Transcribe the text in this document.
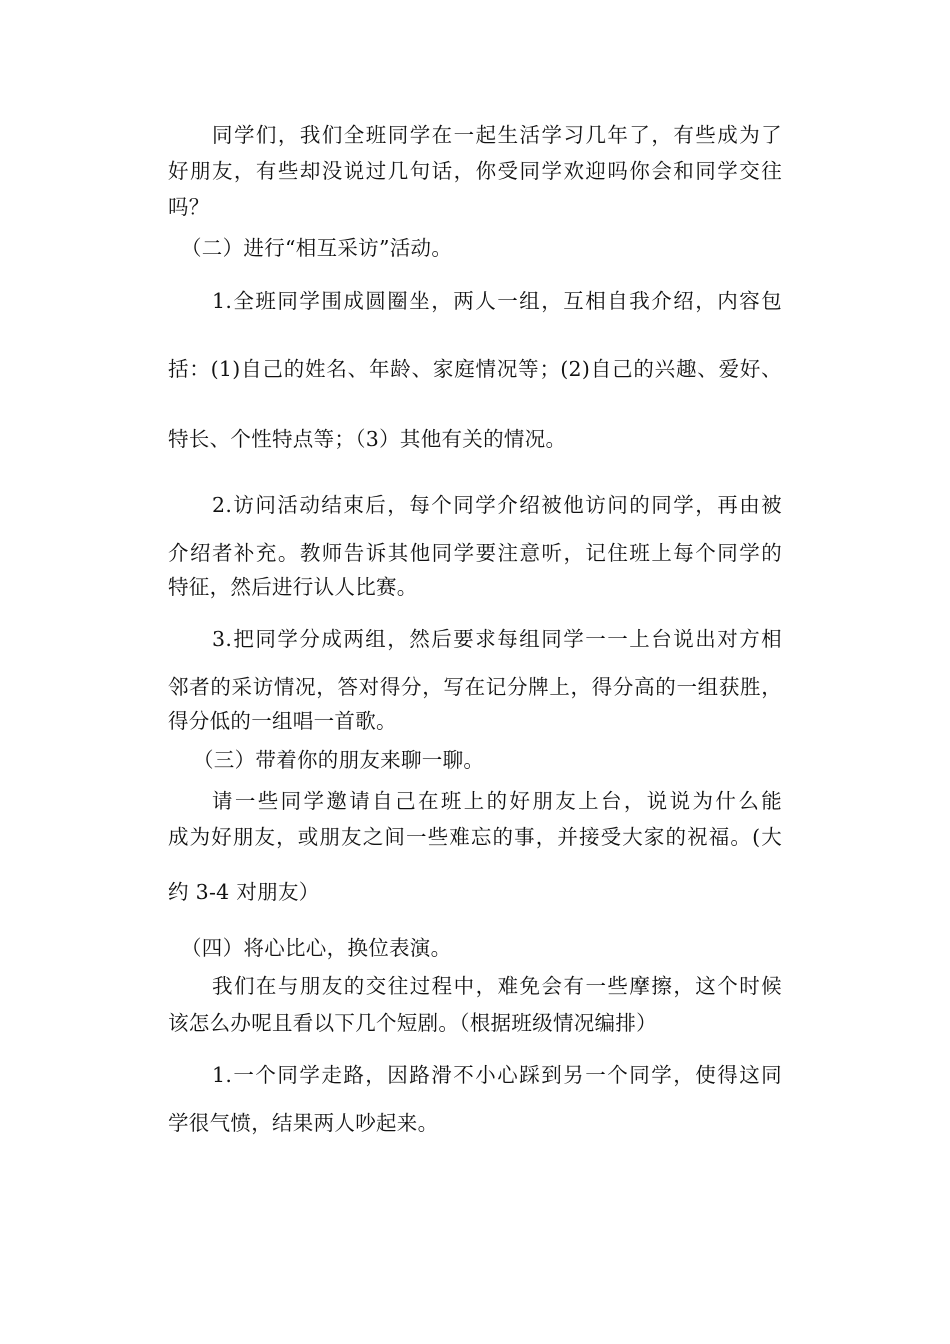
同学们，我们全班同学在一起生活学习几年了，有些成为了

好朋友，有些却没说过几句话，你受同学欢迎吗你会和同学交往

吗？

（二）进行“相互采访”活动。

1.全班同学围成圆圈坐，两人一组，互相自我介绍，内容包

括：(1)自己的姓名、年龄、家庭情况等；(2)自己的兴趣、爱好、

特长、个性特点等；（3）其他有关的情况。

2.访问活动结束后，每个同学介绍被他访问的同学，再由被

介绍者补充。教师告诉其他同学要注意听，记住班上每个同学的

特征，然后进行认人比赛。

3.把同学分成两组，然后要求每组同学一一上台说出对方相

邻者的采访情况，答对得分，写在记分牌上，得分高的一组获胜，

得分低的一组唱一首歌。

（三）带着你的朋友来聊一聊。

请一些同学邀请自己在班上的好朋友上台，说说为什么能

成为好朋友，或朋友之间一些难忘的事，并接受大家的祝福。(大

约 3-4 对朋友）

（四）将心比心，换位表演。

我们在与朋友的交往过程中，难免会有一些摩擦，这个时候

该怎么办呢且看以下几个短剧。（根据班级情况编排）

1.一个同学走路，因路滑不小心踩到另一个同学，使得这同

学很气愤，结果两人吵起来。
